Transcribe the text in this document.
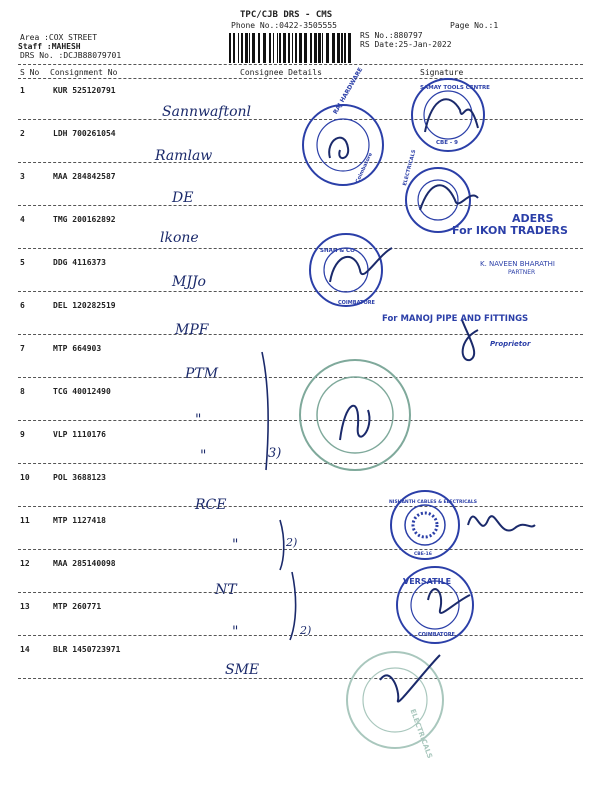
TPC/CJB DRS - CMS
Phone No.:0422-3505555	Page No.:1
Area :COX STREET
Staff :MAHESH
DRS No. :DCJB88079701
RS No.:880797
RS Date:25-Jan-2022
S No Consignment No	Consignee Details	Signature
1	KUR 525120791
Sannwaftonl
2	LDH 700261054
Ramlaw
3	MAA 284842587
DE
4	TMG 200162892
lkone
5	DDG 4116373
MJJo
6	DEL 120282519
MPF
7	MTP 664903
PTM
8	TCG 40012490
"
9	VLP 1110176
"
10	POL 3688123
RCE
11	MTP 1127418
"
12	MAA 285140098
NT
13	MTP 260771
"
14	BLR 1450723971
SME
3)
2)
2)
RAJ HARDWARE
Coimbatore
SAMAY TOOLS CENTRE
CBE - 9
ELECTRICALS
ADERS
For IKON TRADERS
K. NAVEEN BHARATHI
PARTNER
SHAH & CO
COIMBATORE
For MANOJ PIPE AND FITTINGS
Proprietor
NISHANTH CABLES & ELECTRICALS
CBE-16
VERSATILE
COIMBATORE
ELECTRICALS
